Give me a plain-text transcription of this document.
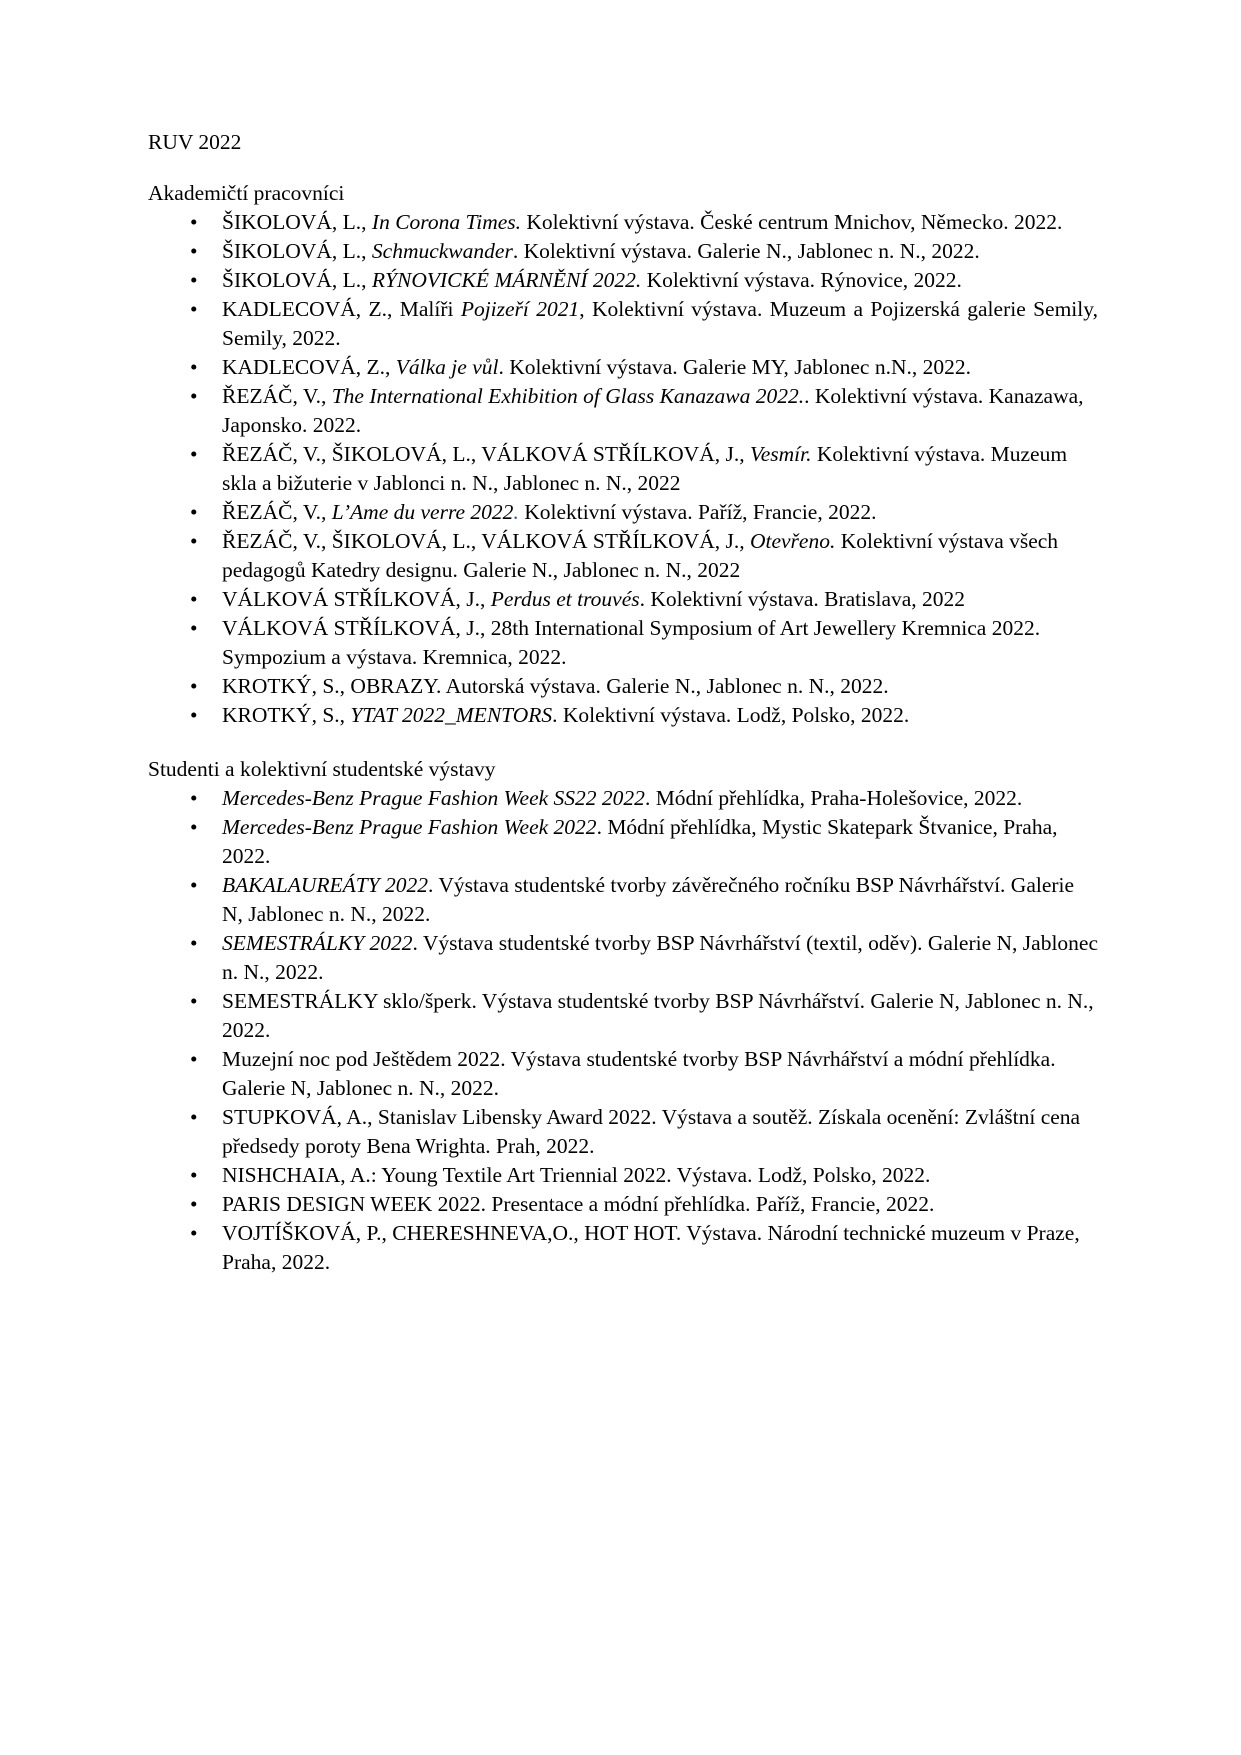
RUV 2022

Akademičtí pracovníci

• ŠIKOLOVÁ, L., In Corona Times. Kolektivní výstava. České centrum Mnichov, Německo. 2022.
• ŠIKOLOVÁ, L., Schmuckwander. Kolektivní výstava. Galerie N., Jablonec n. N., 2022.
• ŠIKOLOVÁ, L., RÝNOVICKÉ MÁRNĚNÍ 2022. Kolektivní výstava. Rýnovice, 2022.
• KADLECOVÁ, Z., Malíři Pojizeří 2021, Kolektivní výstava. Muzeum a Pojizerská galerie Semily, Semily, 2022.
• KADLECOVÁ, Z., Válka je vůl. Kolektivní výstava. Galerie MY, Jablonec n.N., 2022.
• ŘEZÁČ, V., The International Exhibition of Glass Kanazawa 2022.. Kolektivní výstava. Kanazawa, Japonsko. 2022.
• ŘEZÁČ, V., ŠIKOLOVÁ, L., VÁLKOVÁ STŘÍLKOVÁ, J., Vesmír. Kolektivní výstava. Muzeum skla a bižuterie v Jablonci n. N., Jablonec n. N., 2022
• ŘEZÁČ, V., L’Ame du verre 2022. Kolektivní výstava. Paříž, Francie, 2022.
• ŘEZÁČ, V., ŠIKOLOVÁ, L., VÁLKOVÁ STŘÍLKOVÁ, J., Otevřeno. Kolektivní výstava všech pedagogů Katedry designu. Galerie N., Jablonec n. N., 2022
• VÁLKOVÁ STŘÍLKOVÁ, J., Perdus et trouvés. Kolektivní výstava. Bratislava, 2022
• VÁLKOVÁ STŘÍLKOVÁ, J., 28th International Symposium of Art Jewellery Kremnica 2022. Sympozium a výstava. Kremnica, 2022.
• KROTKÝ, S., OBRAZY. Autorská výstava. Galerie N., Jablonec n. N., 2022.
• KROTKÝ, S., YTAT 2022_MENTORS. Kolektivní výstava. Lodž, Polsko, 2022.

Studenti a kolektivní studentské výstavy

• Mercedes-Benz Prague Fashion Week SS22 2022. Módní přehlídka, Praha-Holešovice, 2022.
• Mercedes-Benz Prague Fashion Week 2022. Módní přehlídka, Mystic Skatepark Štvanice, Praha, 2022.
• BAKALAUREÁTY 2022. Výstava studentské tvorby závěrečného ročníku BSP Návrhářství. Galerie N, Jablonec n. N., 2022.
• SEMESTRÁLKY 2022. Výstava studentské tvorby BSP Návrhářství (textil, oděv). Galerie N, Jablonec n. N., 2022.
• SEMESTRÁLKY sklo/šperk. Výstava studentské tvorby BSP Návrhářství. Galerie N, Jablonec n. N., 2022.
• Muzejní noc pod Ještědem 2022. Výstava studentské tvorby BSP Návrhářství a módní přehlídka. Galerie N, Jablonec n. N., 2022.
• STUPKOVÁ, A., Stanislav Libensky Award 2022. Výstava a soutěž. Získala ocenění: Zvláštní cena předsedy poroty Bena Wrighta. Prah, 2022.
• NISHCHAIA, A.: Young Textile Art Triennial 2022. Výstava. Lodž, Polsko, 2022.
• PARIS DESIGN WEEK 2022. Presentace a módní přehlídka. Paříž, Francie, 2022.
• VOJTÍŠKOVÁ, P., CHERESHNEVA,O., HOT HOT. Výstava. Národní technické muzeum v Praze, Praha, 2022.
